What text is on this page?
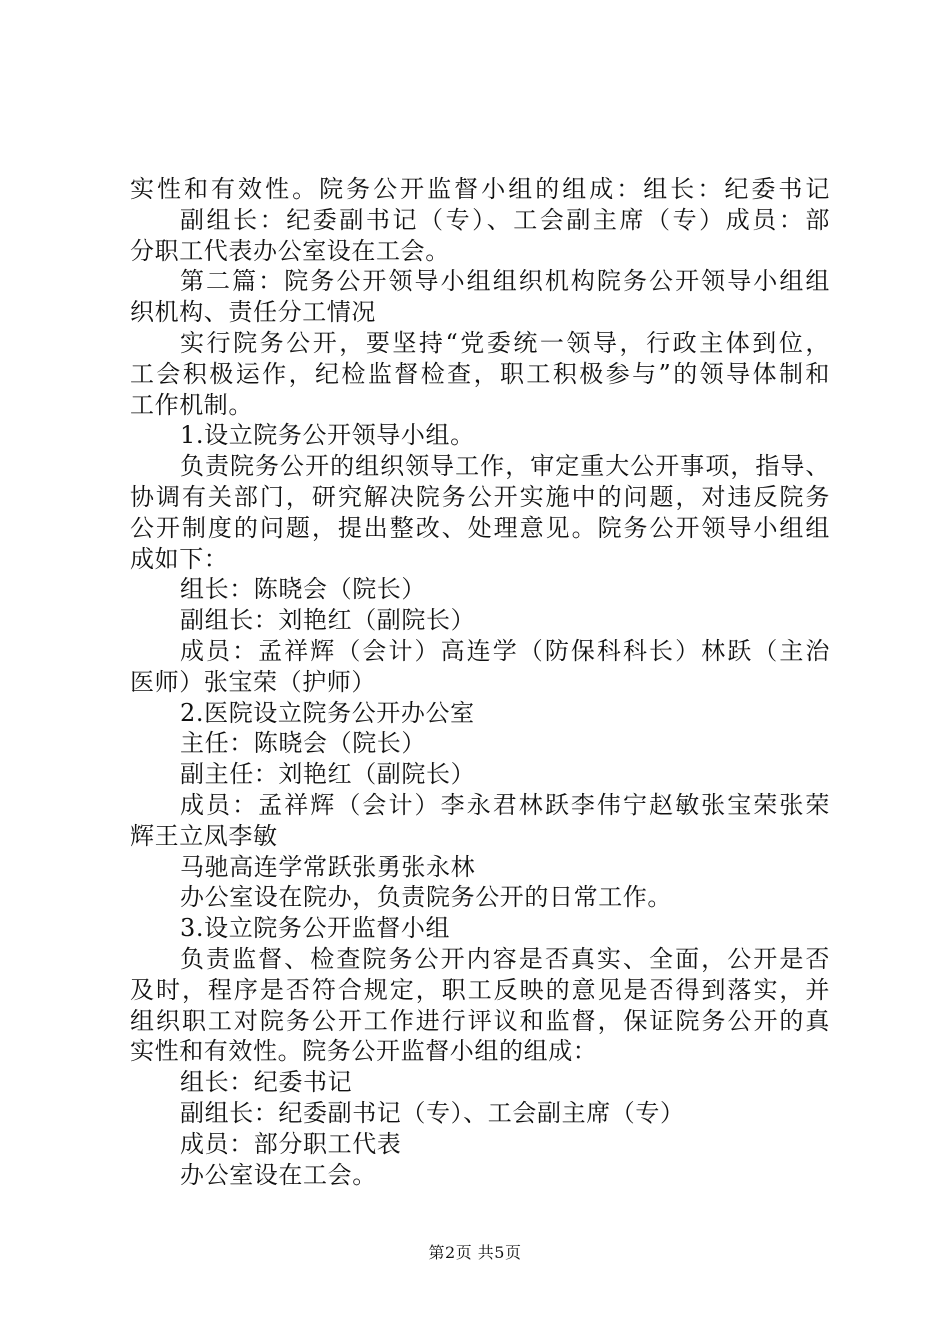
实性和有效性。院务公开监督小组的组成：组长：纪委书记
副组长：纪委副书记（专）、工会副主席（专）成员：部
分职工代表办公室设在工会。
第二篇：院务公开领导小组组织机构院务公开领导小组组
织机构、责任分工情况
实行院务公开，要坚持“党委统一领导，行政主体到位，
工会积极运作，纪检监督检查，职工积极参与”的领导体制和
工作机制。
1.设立院务公开领导小组。
负责院务公开的组织领导工作，审定重大公开事项，指导、
协调有关部门，研究解决院务公开实施中的问题，对违反院务
公开制度的问题，提出整改、处理意见。院务公开领导小组组
成如下：
组长：陈晓会（院长）
副组长：刘艳红（副院长）
成员：孟祥辉（会计）高连学（防保科科长）林跃（主治
医师）张宝荣（护师）
2.医院设立院务公开办公室
主任：陈晓会（院长）
副主任：刘艳红（副院长）
成员：孟祥辉（会计）李永君林跃李伟宁赵敏张宝荣张荣
辉王立凤李敏
马驰高连学常跃张勇张永林
办公室设在院办，负责院务公开的日常工作。
3.设立院务公开监督小组
负责监督、检查院务公开内容是否真实、全面，公开是否
及时，程序是否符合规定，职工反映的意见是否得到落实，并
组织职工对院务公开工作进行评议和监督，保证院务公开的真
实性和有效性。院务公开监督小组的组成：
组长：纪委书记
副组长：纪委副书记（专）、工会副主席（专）
成员：部分职工代表
办公室设在工会。
第2页 共5页
